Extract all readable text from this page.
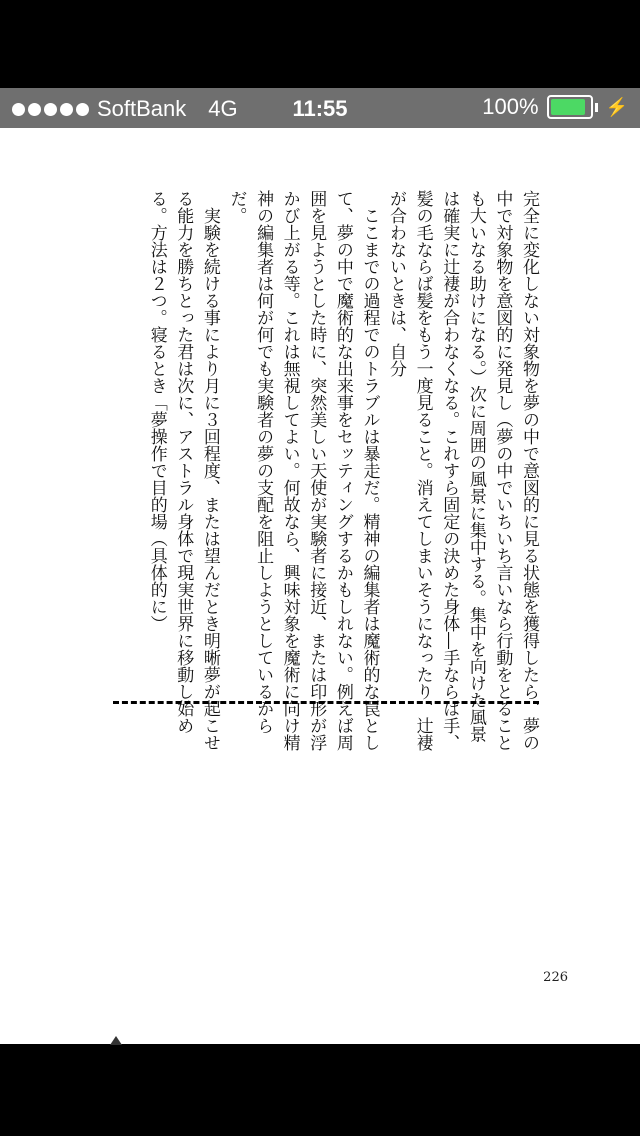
SoftBank 4G	11:55	100%	⚡

完全に変化しない対象物を夢の中で意図的に見る状態を獲得したら、夢の中で対象物を意図的に発見し（夢の中でいちいち言いなら行動をとることも大いなる助けになる。）次に周囲の風景に集中する。集中を向けた風景は確実に辻褄が合わなくなる。これすら固定の決めた身体―手ならば手、髪の毛ならば髪をもう一度見ること。消えてしまいそうになったり、辻褄が合わないときは、自分

ここまでの過程でのトラブルは暴走だ。精神の編集者は魔術的な罠として、夢の中で魔術的な出来事をセッティングするかもしれない。例えば周囲を見ようとした時に、突然美しい天使が実験者に接近、または印形が浮かび上がる等。これは無視してよい。何故なら、興味対象を魔術に向け精神の編集者は何が何でも実験者の夢の支配を阻止しようとしているからだ。

実験を続ける事により月に３回程度、または望んだとき明晰夢が起こせる能力を勝ちとった君は次に、アストラル身体で現実世界に移動し始める。方法は２つ。寝るとき「夢操作で目的場（具体的に）

226
